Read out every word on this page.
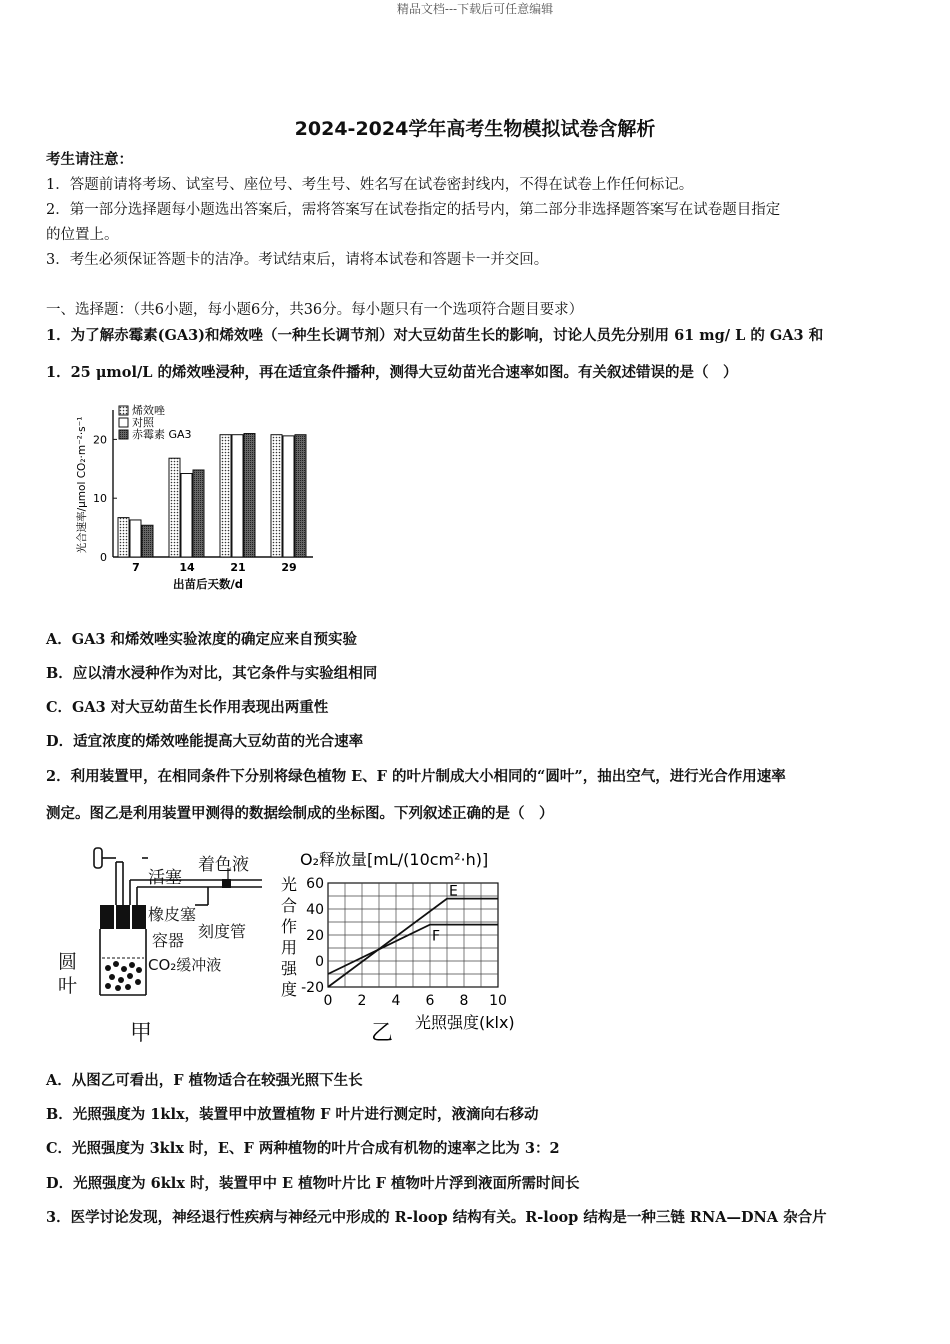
精品文档---下载后可任意编辑
2024-2024学年高考生物模拟试卷含解析
考生请注意：
1．答题前请将考场、试室号、座位号、考生号、姓名写在试卷密封线内，不得在试卷上作任何标记。
2．第一部分选择题每小题选出答案后，需将答案写在试卷指定的括号内，第二部分非选择题答案写在试卷题目指定
的位置上。
3．考生必须保证答题卡的洁净。考试结束后，请将本试卷和答题卡一并交回。
一、选择题：（共6小题，每小题6分，共36分。每小题只有一个选项符合题目要求）
1．为了解赤霉素(GA3)和烯效唑（一种生长调节剂）对大豆幼苗生长的影响，讨论人员先分别用 61 mg/ L 的 GA3 和
1．25 μmol/L 的烯效唑浸种，再在适宜条件播种，测得大豆幼苗光合速率如图。有关叙述错误的是（　）
0
10
20
7	14	21	29
出苗后天数/d
光合速率/μmol CO₂·m⁻²·s⁻¹
烯效唑
对照
赤霉素 GA3
A．GA3 和烯效唑实验浓度的确定应来自预实验
B．应以清水浸种作为对比，其它条件与实验组相同
C．GA3 对大豆幼苗生长作用表现出两重性
D．适宜浓度的烯效唑能提高大豆幼苗的光合速率
2．利用装置甲，在相同条件下分别将绿色植物 E、F 的叶片制成大小相同的“圆叶”，抽出空气，进行光合作用速率
测定。图乙是利用装置甲测得的数据绘制成的坐标图。下列叙述正确的是（　）
活塞
着色液
橡皮塞
刻度管
容器
CO₂缓冲液
圆
叶
甲
0 2 4 6 8 10
-20
0
20
40
60	E
F
O₂释放量[mL/(10cm²·h)]
光合作用强度
光照强度(klx)
乙
A．从图乙可看出，F 植物适合在较强光照下生长
B．光照强度为 1klx，装置甲中放置植物 F 叶片进行测定时，液滴向右移动
C．光照强度为 3klx 时，E、F 两种植物的叶片合成有机物的速率之比为 3：2
D．光照强度为 6klx 时，装置甲中 E 植物叶片比 F 植物叶片浮到液面所需时间长
3．医学讨论发现，神经退行性疾病与神经元中形成的 R-loop 结构有关。R-loop 结构是一种三链 RNA—DNA 杂合片
